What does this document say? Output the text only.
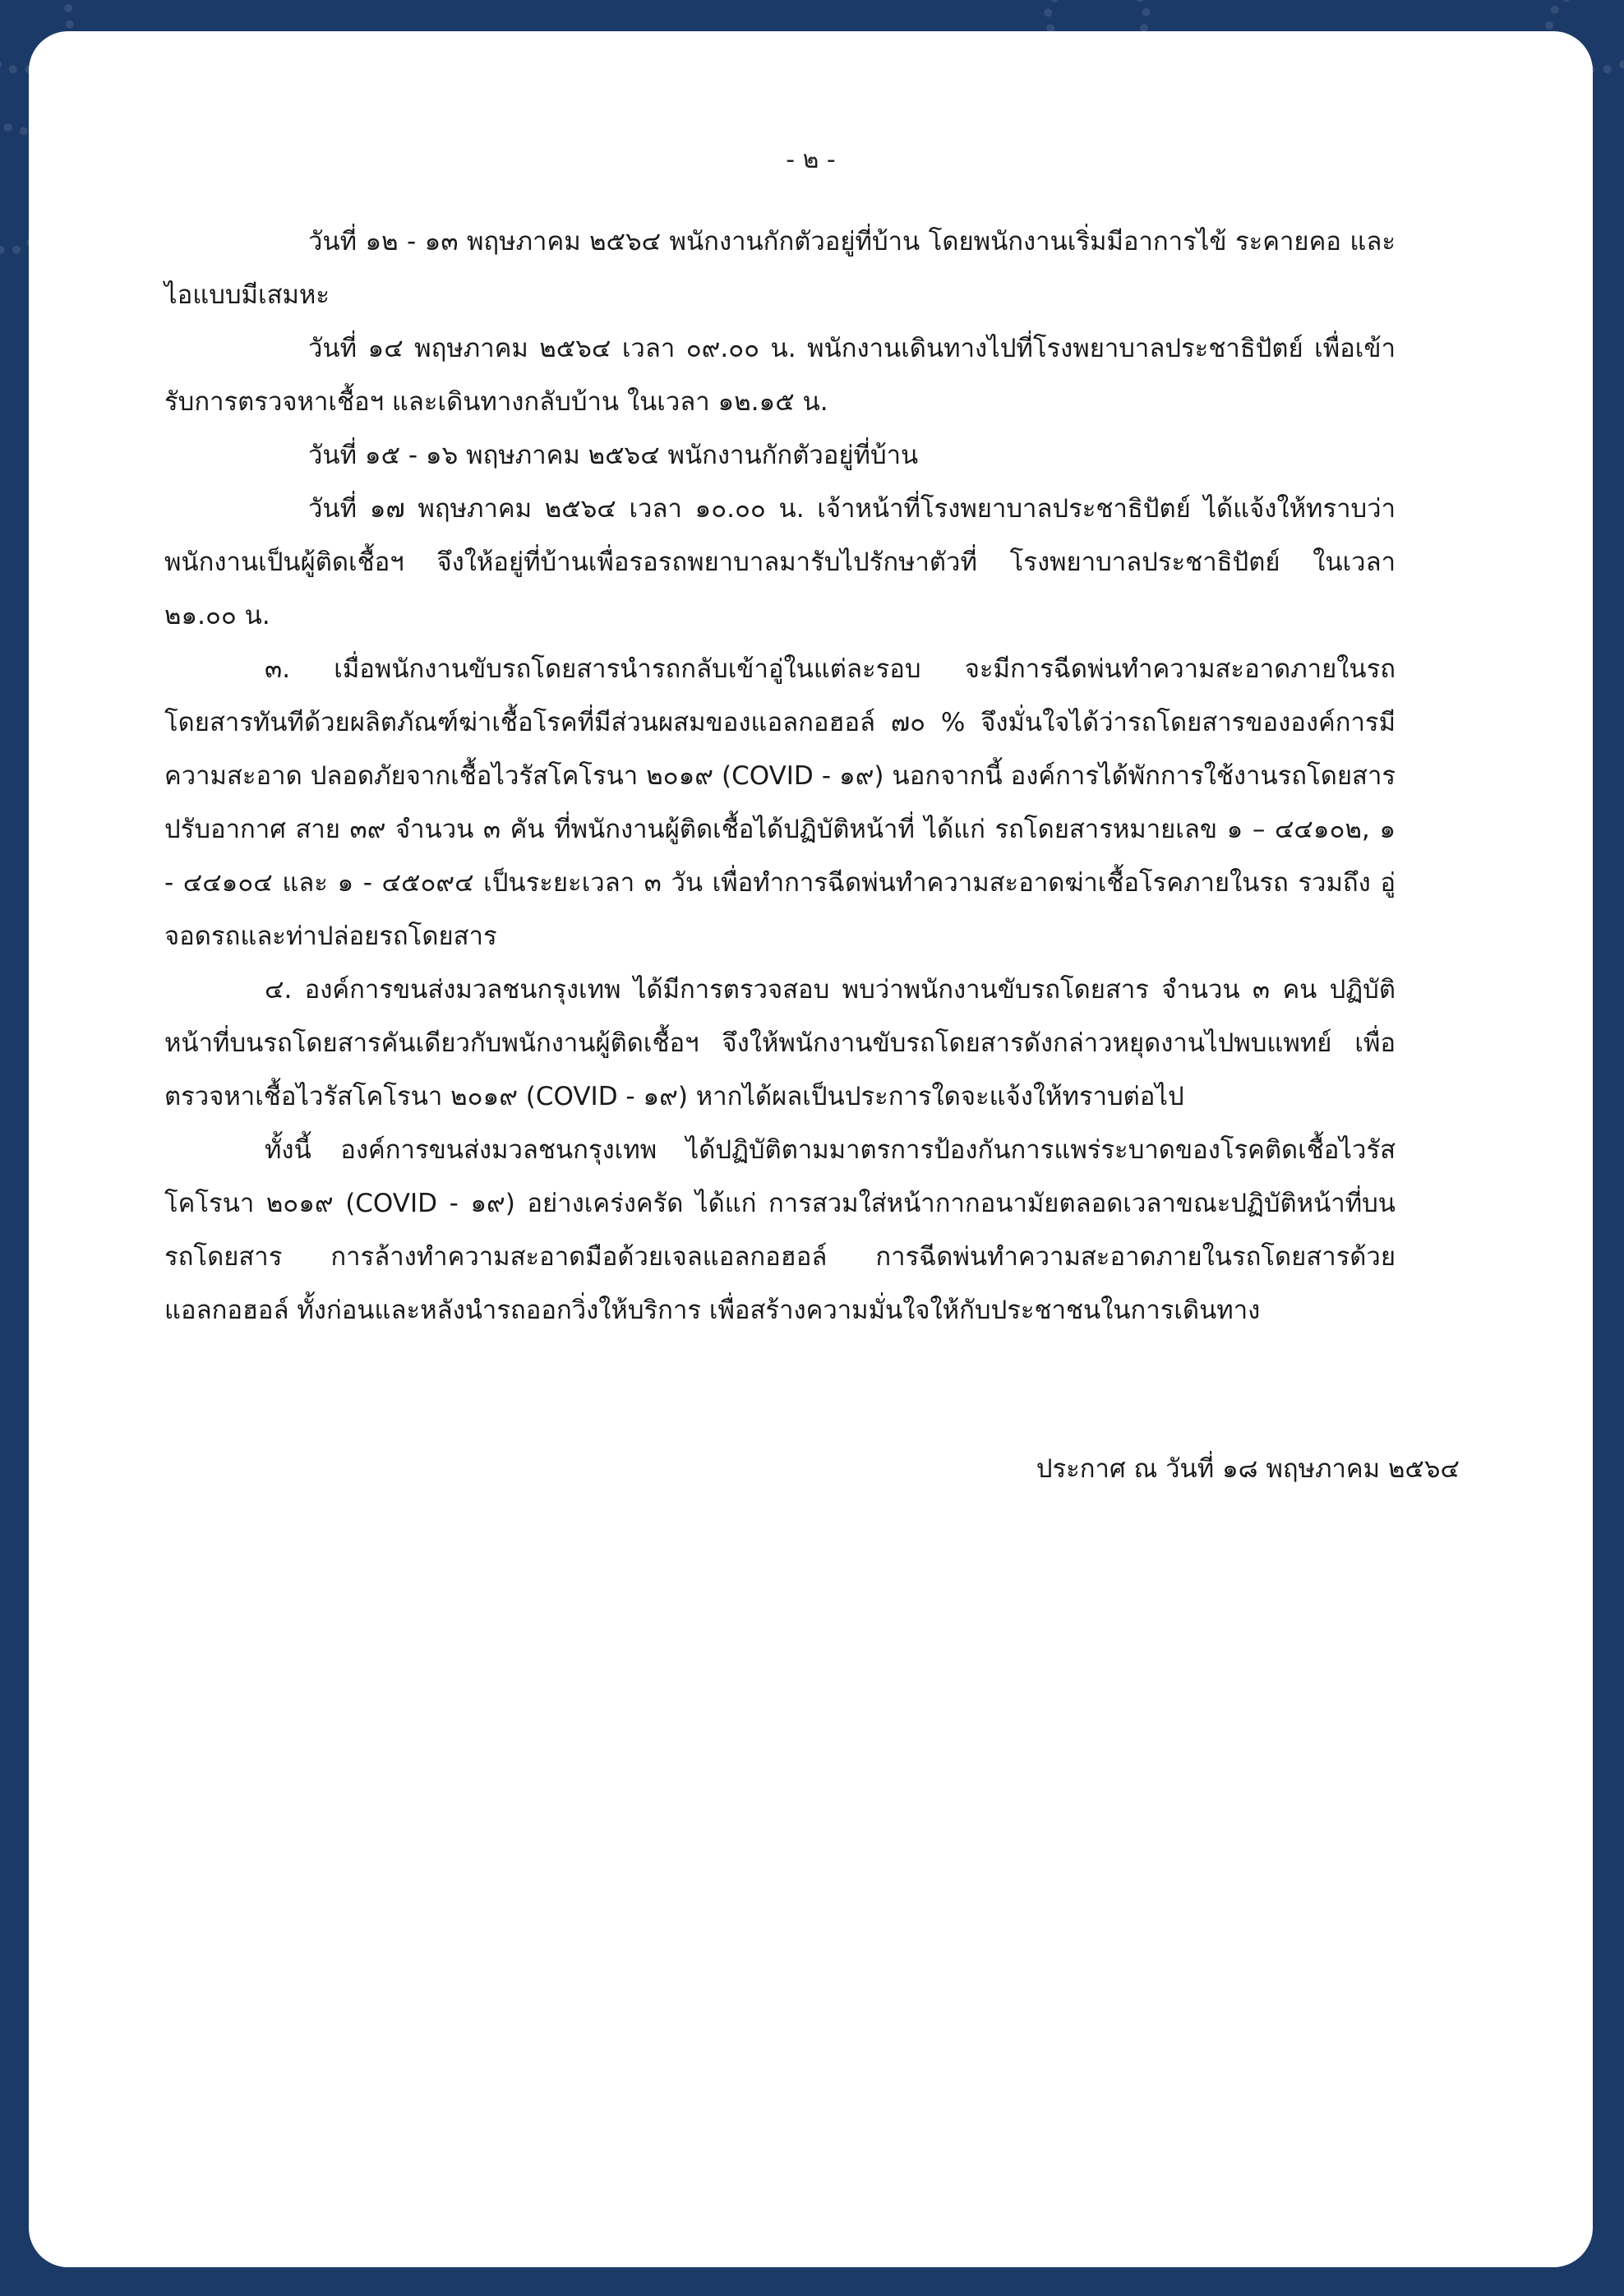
- ๒ -

วันที่ ๑๒ - ๑๓ พฤษภาคม ๒๕๖๔ พนักงานกักตัวอยู่ที่บ้าน โดยพนักงานเริ่มมีอาการไข้ ระคายคอ และไอแบบมีเสมหะ

วันที่ ๑๔ พฤษภาคม ๒๕๖๔ เวลา ๐๙.๐๐ น. พนักงานเดินทางไปที่โรงพยาบาลประชาธิปัตย์ เพื่อเข้ารับการตรวจหาเชื้อฯ และเดินทางกลับบ้าน ในเวลา ๑๒.๑๕ น.

วันที่ ๑๕ - ๑๖ พฤษภาคม ๒๕๖๔ พนักงานกักตัวอยู่ที่บ้าน

วันที่ ๑๗ พฤษภาคม ๒๕๖๔ เวลา ๑๐.๐๐ น. เจ้าหน้าที่โรงพยาบาลประชาธิปัตย์ ได้แจ้งให้ทราบว่าพนักงานเป็นผู้ติดเชื้อฯ จึงให้อยู่ที่บ้านเพื่อรอรถพยาบาลมารับไปรักษาตัวที่ โรงพยาบาลประชาธิปัตย์ ในเวลา ๒๑.๐๐ น.

๓. เมื่อพนักงานขับรถโดยสารนำรถกลับเข้าอู่ในแต่ละรอบ จะมีการฉีดพ่นทำความสะอาดภายในรถโดยสารทันทีด้วยผลิตภัณฑ์ฆ่าเชื้อโรคที่มีส่วนผสมของแอลกอฮอล์ ๗๐ % จึงมั่นใจได้ว่ารถโดยสารขององค์การมีความสะอาด ปลอดภัยจากเชื้อไวรัสโคโรนา ๒๐๑๙ (COVID - ๑๙) นอกจากนี้ องค์การได้พักการใช้งานรถโดยสารปรับอากาศ สาย ๓๙ จำนวน ๓ คัน ที่พนักงานผู้ติดเชื้อได้ปฏิบัติหน้าที่ ได้แก่ รถโดยสารหมายเลข ๑ – ๔๔๑๐๒, ๑ - ๔๔๑๐๔ และ ๑ - ๔๕๐๙๔ เป็นระยะเวลา ๓ วัน เพื่อทำการฉีดพ่นทำความสะอาดฆ่าเชื้อโรคภายในรถ รวมถึง อู่จอดรถและท่าปล่อยรถโดยสาร

๔. องค์การขนส่งมวลชนกรุงเทพ ได้มีการตรวจสอบ พบว่าพนักงานขับรถโดยสาร จำนวน ๓ คน ปฏิบัติหน้าที่บนรถโดยสารคันเดียวกับพนักงานผู้ติดเชื้อฯ จึงให้พนักงานขับรถโดยสารดังกล่าวหยุดงานไปพบแพทย์ เพื่อตรวจหาเชื้อไวรัสโคโรนา ๒๐๑๙ (COVID - ๑๙) หากได้ผลเป็นประการใดจะแจ้งให้ทราบต่อไป

ทั้งนี้ องค์การขนส่งมวลชนกรุงเทพ ได้ปฏิบัติตามมาตรการป้องกันการแพร่ระบาดของโรคติดเชื้อไวรัสโคโรนา ๒๐๑๙ (COVID - ๑๙) อย่างเคร่งครัด ได้แก่ การสวมใส่หน้ากากอนามัยตลอดเวลาขณะปฏิบัติหน้าที่บนรถโดยสาร การล้างทำความสะอาดมือด้วยเจลแอลกอฮอล์ การฉีดพ่นทำความสะอาดภายในรถโดยสารด้วยแอลกอฮอล์ ทั้งก่อนและหลังนำรถออกวิ่งให้บริการ เพื่อสร้างความมั่นใจให้กับประชาชนในการเดินทาง

ประกาศ ณ วันที่ ๑๘ พฤษภาคม ๒๕๖๔
